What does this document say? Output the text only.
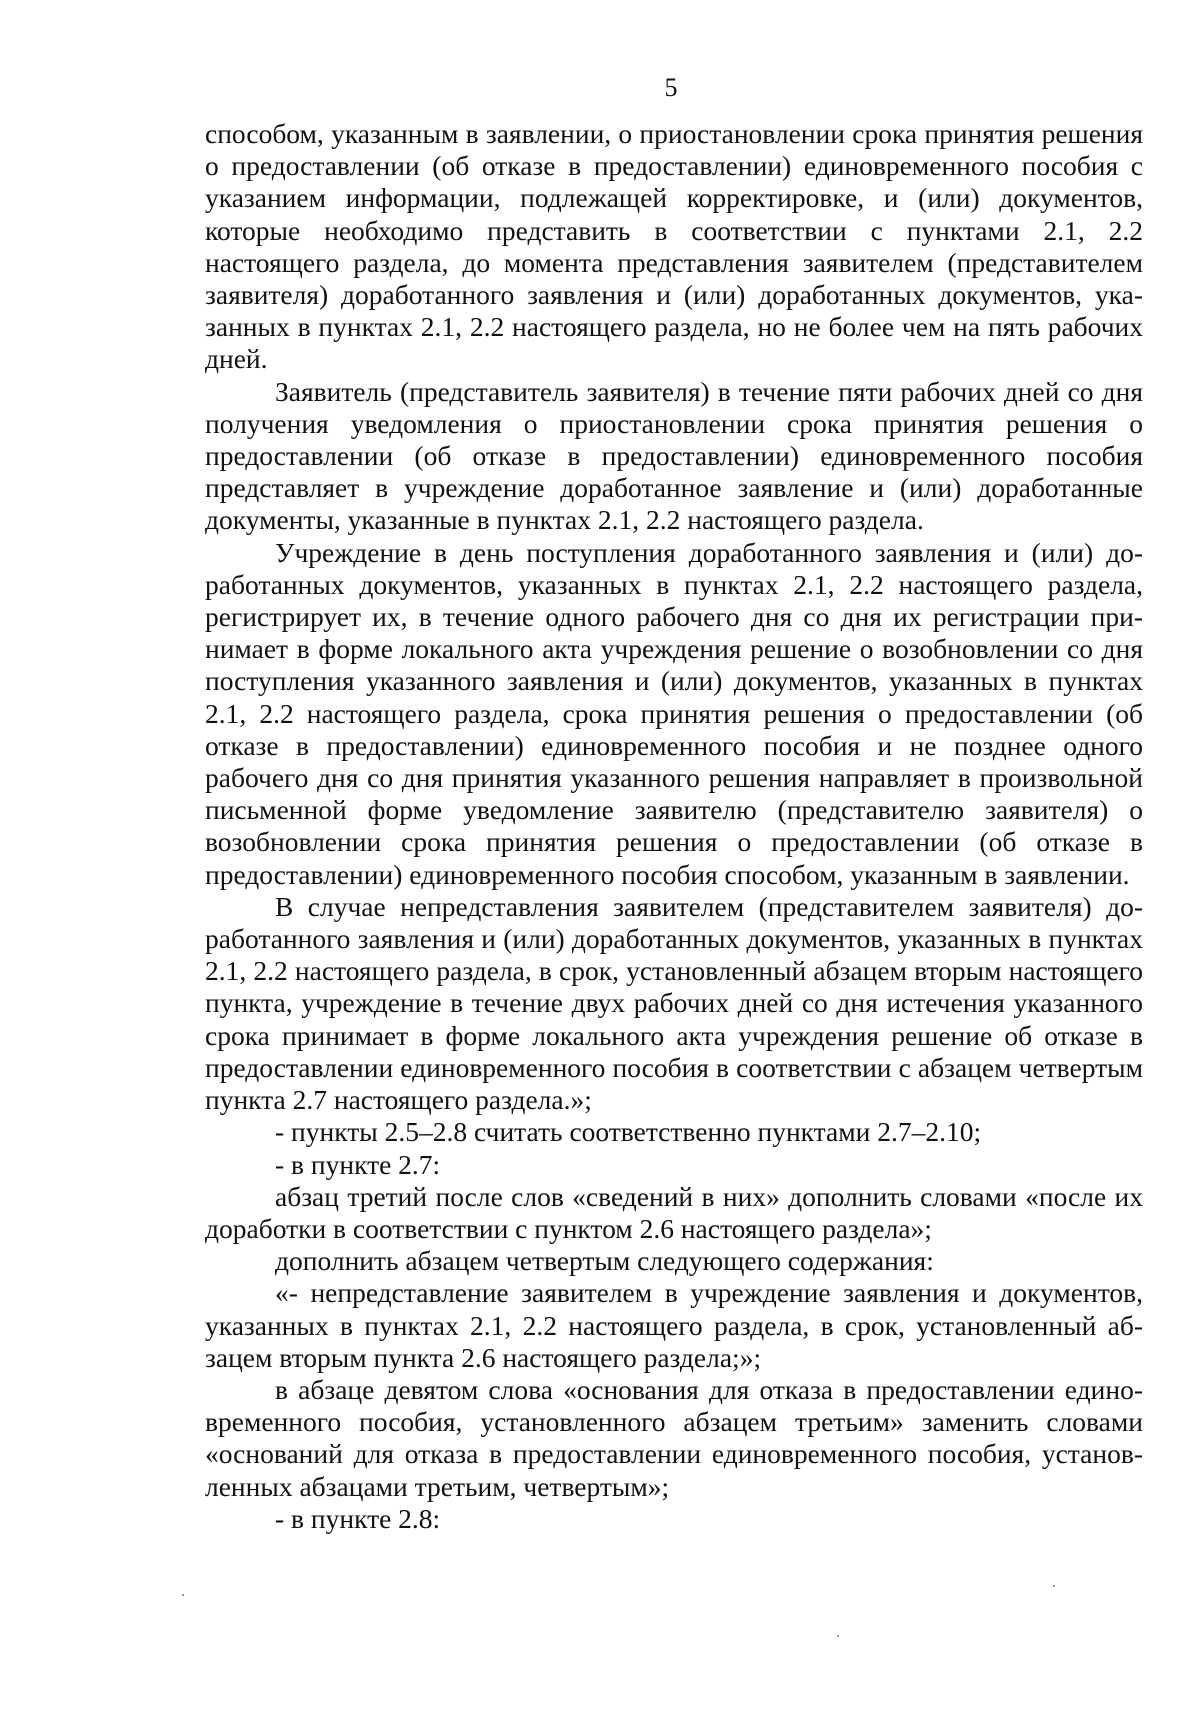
5

способом, указанным в заявлении, о приостановлении срока принятия решения о предоставлении (об отказе в предоставлении) единовременного пособия с указанием информации, подлежащей корректировке, и (или) документов, которые необходимо представить в соответствии с пунктами 2.1, 2.2 настоящего раздела, до момента представления заявителем (представителем заявителя) доработанного заявления и (или) доработанных документов, указанных в пунктах 2.1, 2.2 настоящего раздела, но не более чем на пять рабочих дней.

Заявитель (представитель заявителя) в течение пяти рабочих дней со дня получения уведомления о приостановлении срока принятия решения о предоставлении (об отказе в предоставлении) единовременного пособия представляет в учреждение доработанное заявление и (или) доработанные документы, указанные в пунктах 2.1, 2.2 настоящего раздела.

Учреждение в день поступления доработанного заявления и (или) доработанных документов, указанных в пунктах 2.1, 2.2 настоящего раздела, регистрирует их, в течение одного рабочего дня со дня их регистрации принимает в форме локального акта учреждения решение о возобновлении со дня поступления указанного заявления и (или) документов, указанных в пунктах 2.1, 2.2 настоящего раздела, срока принятия решения о предоставлении (об отказе в предоставлении) единовременного пособия и не позднее одного рабочего дня со дня принятия указанного решения направляет в произвольной письменной форме уведомление заявителю (представителю заявителя) о возобновлении срока принятия решения о предоставлении (об отказе в предоставлении) единовременного пособия способом, указанным в заявлении.

В случае непредставления заявителем (представителем заявителя) доработанного заявления и (или) доработанных документов, указанных в пунктах 2.1, 2.2 настоящего раздела, в срок, установленный абзацем вторым настоящего пункта, учреждение в течение двух рабочих дней со дня истечения указанного срока принимает в форме локального акта учреждения решение об отказе в предоставлении единовременного пособия в соответствии с абзацем четвертым пункта 2.7 настоящего раздела.»;

- пункты 2.5–2.8 считать соответственно пунктами 2.7–2.10;

- в пункте 2.7:

абзац третий после слов «сведений в них» дополнить словами «после их доработки в соответствии с пунктом 2.6 настоящего раздела»;

дополнить абзацем четвертым следующего содержания:

«- непредставление заявителем в учреждение заявления и документов, указанных в пунктах 2.1, 2.2 настоящего раздела, в срок, установленный абзацем вторым пункта 2.6 настоящего раздела;»;

в абзаце девятом слова «основания для отказа в предоставлении единовременного пособия, установленного абзацем третьим» заменить словами «оснований для отказа в предоставлении единовременного пособия, установленных абзацами третьим, четвертым»;

- в пункте 2.8:
